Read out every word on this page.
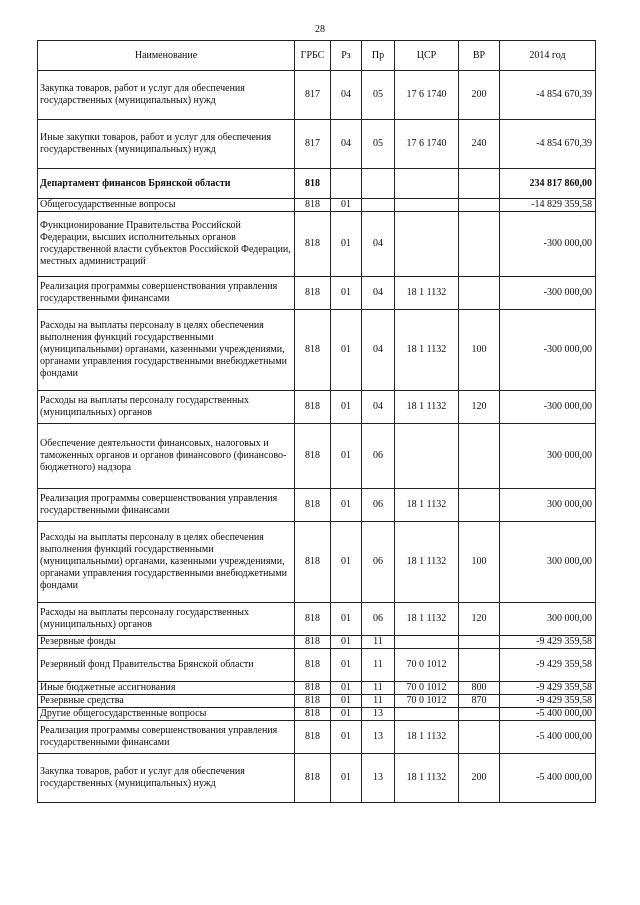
28
Наименование	ГРБС	Рз	Пр	ЦСР	ВР	2014 год
Закупка товаров, работ и услуг для обеспечения государственных (муниципальных) нужд	817	04	05	17 6 1740	200	-4 854 670,39
Иные закупки товаров, работ и услуг для обеспечения государственных (муниципальных) нужд	817	04	05	17 6 1740	240	-4 854 670,39
Департамент финансов Брянской области	818					234 817 860,00
Общегосударственные вопросы	818	01				-14 829 359,58
Функционирование Правительства Российской Федерации, высших исполнительных органов государственной власти субъектов Российской Федерации, местных администраций	818	01	04			-300 000,00
Реализация программы совершенствования управления государственными финансами	818	01	04	18 1 1132		-300 000,00
Расходы на выплаты персоналу в целях обеспечения выполнения функций государственными (муниципальными) органами, казенными учреждениями, органами управления государственными внебюджетными фондами	818	01	04	18 1 1132	100	-300 000,00
Расходы на выплаты персоналу государственных (муниципальных) органов	818	01	04	18 1 1132	120	-300 000,00
Обеспечение деятельности финансовых, налоговых и таможенных органов и органов финансового (финансово-бюджетного) надзора	818	01	06			300 000,00
Реализация программы совершенствования управления государственными финансами	818	01	06	18 1 1132		300 000,00
Расходы на выплаты персоналу в целях обеспечения выполнения функций государственными (муниципальными) органами, казенными учреждениями, органами управления государственными внебюджетными фондами	818	01	06	18 1 1132	100	300 000,00
Расходы на выплаты персоналу государственных (муниципальных) органов	818	01	06	18 1 1132	120	300 000,00
Резервные фонды	818	01	11			-9 429 359,58
Резервный фонд Правительства Брянской области	818	01	11	70 0 1012		-9 429 359,58
Иные бюджетные ассигнования	818	01	11	70 0 1012	800	-9 429 359,58
Резервные средства	818	01	11	70 0 1012	870	-9 429 359,58
Другие общегосударственные вопросы	818	01	13			-5 400 000,00
Реализация программы совершенствования управления государственными финансами	818	01	13	18 1 1132		-5 400 000,00
Закупка товаров, работ и услуг для обеспечения государственных (муниципальных) нужд	818	01	13	18 1 1132	200	-5 400 000,00
